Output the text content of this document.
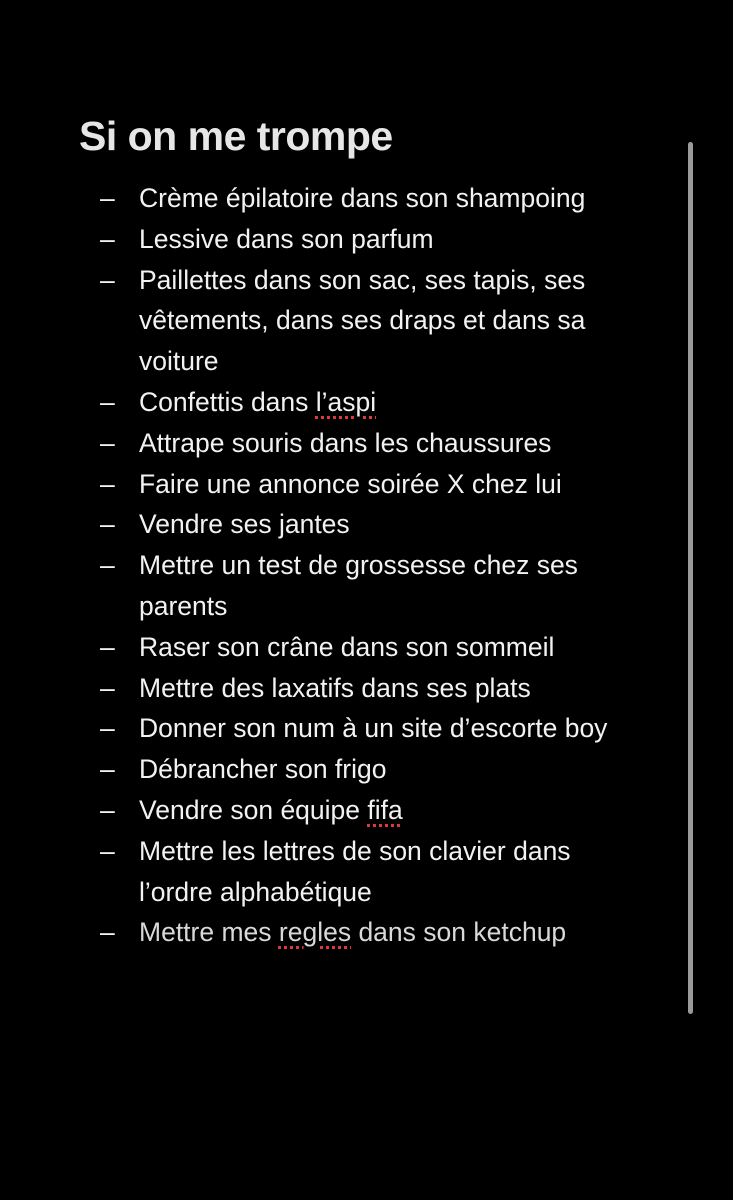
Si on me trompe
– Crème épilatoire dans son shampoing
– Lessive dans son parfum
– Paillettes dans son sac, ses tapis, ses
vêtements, dans ses draps et dans sa
voiture
– Confettis dans l’aspi
– Attrape souris dans les chaussures
– Faire une annonce soirée X chez lui
– Vendre ses jantes
– Mettre un test de grossesse chez ses
parents
– Raser son crâne dans son sommeil
– Mettre des laxatifs dans ses plats
– Donner son num à un site d’escorte boy
– Débrancher son frigo
– Vendre son équipe fifa
– Mettre les lettres de son clavier dans
l’ordre alphabétique
– Mettre mes regles dans son ketchup
